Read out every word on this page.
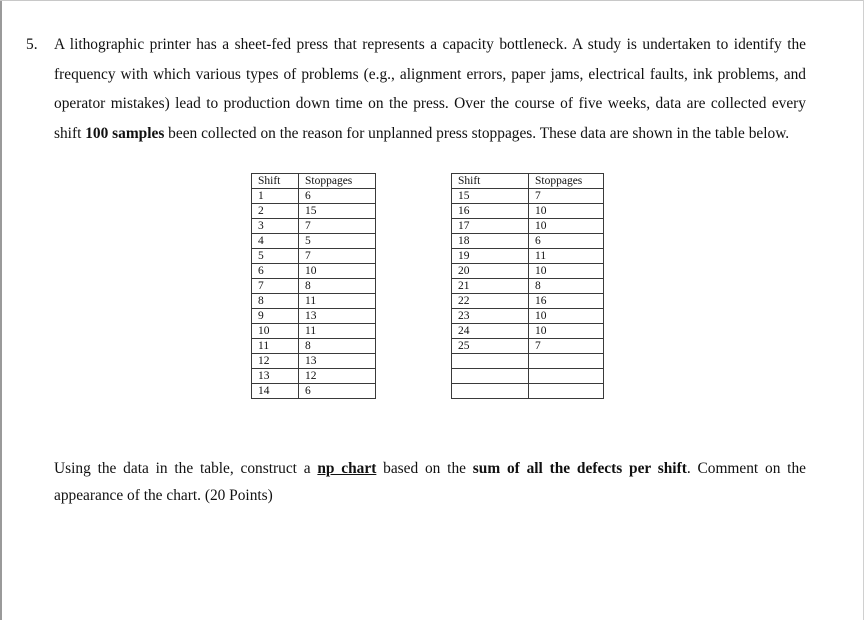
5. A lithographic printer has a sheet-fed press that represents a capacity bottleneck. A study is undertaken to identify the frequency with which various types of problems (e.g., alignment errors, paper jams, electrical faults, ink problems, and operator mistakes) lead to production down time on the press. Over the course of five weeks, data are collected every shift 100 samples been collected on the reason for unplanned press stoppages. These data are shown in the table below.
Shift	Stoppages
1	6
2	15
3	7
4	5
5	7
6	10
7	8
8	11
9	13
10	11
11	8
12	13
13	12
14	6
Shift	Stoppages
15	7
16	10
17	10
18	6
19	11
20	10
21	8
22	16
23	10
24	10
25	7

Using the data in the table, construct a np chart based on the sum of all the defects per shift. Comment on the appearance of the chart. (20 Points)
